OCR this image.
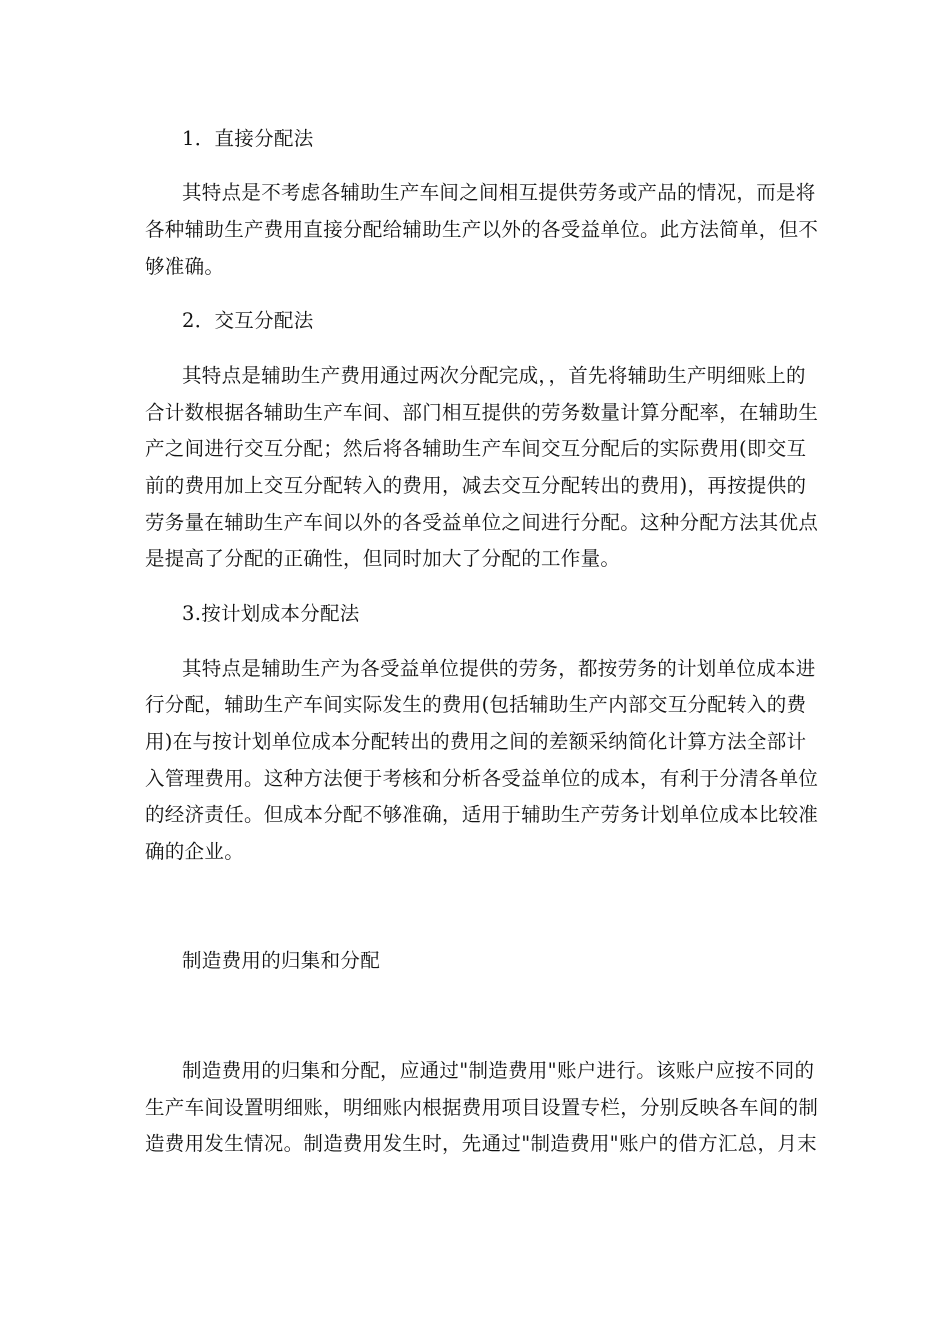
1．直接分配法
其特点是不考虑各辅助生产车间之间相互提供劳务或产品的情况，而是将
各种辅助生产费用直接分配给辅助生产以外的各受益单位。此方法简单，但不
够准确。
2．交互分配法
其特点是辅助生产费用通过两次分配完成，，首先将辅助生产明细账上的
合计数根据各辅助生产车间、部门相互提供的劳务数量计算分配率，在辅助生
产之间进行交互分配；然后将各辅助生产车间交互分配后的实际费用(即交互
前的费用加上交互分配转入的费用，减去交互分配转出的费用)，再按提供的
劳务量在辅助生产车间以外的各受益单位之间进行分配。这种分配方法其优点
是提高了分配的正确性，但同时加大了分配的工作量。
3.按计划成本分配法
其特点是辅助生产为各受益单位提供的劳务，都按劳务的计划单位成本进
行分配，辅助生产车间实际发生的费用(包括辅助生产内部交互分配转入的费
用)在与按计划单位成本分配转出的费用之间的差额采纳简化计算方法全部计
入管理费用。这种方法便于考核和分析各受益单位的成本，有利于分清各单位
的经济责任。但成本分配不够准确，适用于辅助生产劳务计划单位成本比较准
确的企业。
制造费用的归集和分配
制造费用的归集和分配，应通过"制造费用"账户进行。该账户应按不同的
生产车间设置明细账，明细账内根据费用项目设置专栏，分别反映各车间的制
造费用发生情况。制造费用发生时，先通过"制造费用"账户的借方汇总，月末
